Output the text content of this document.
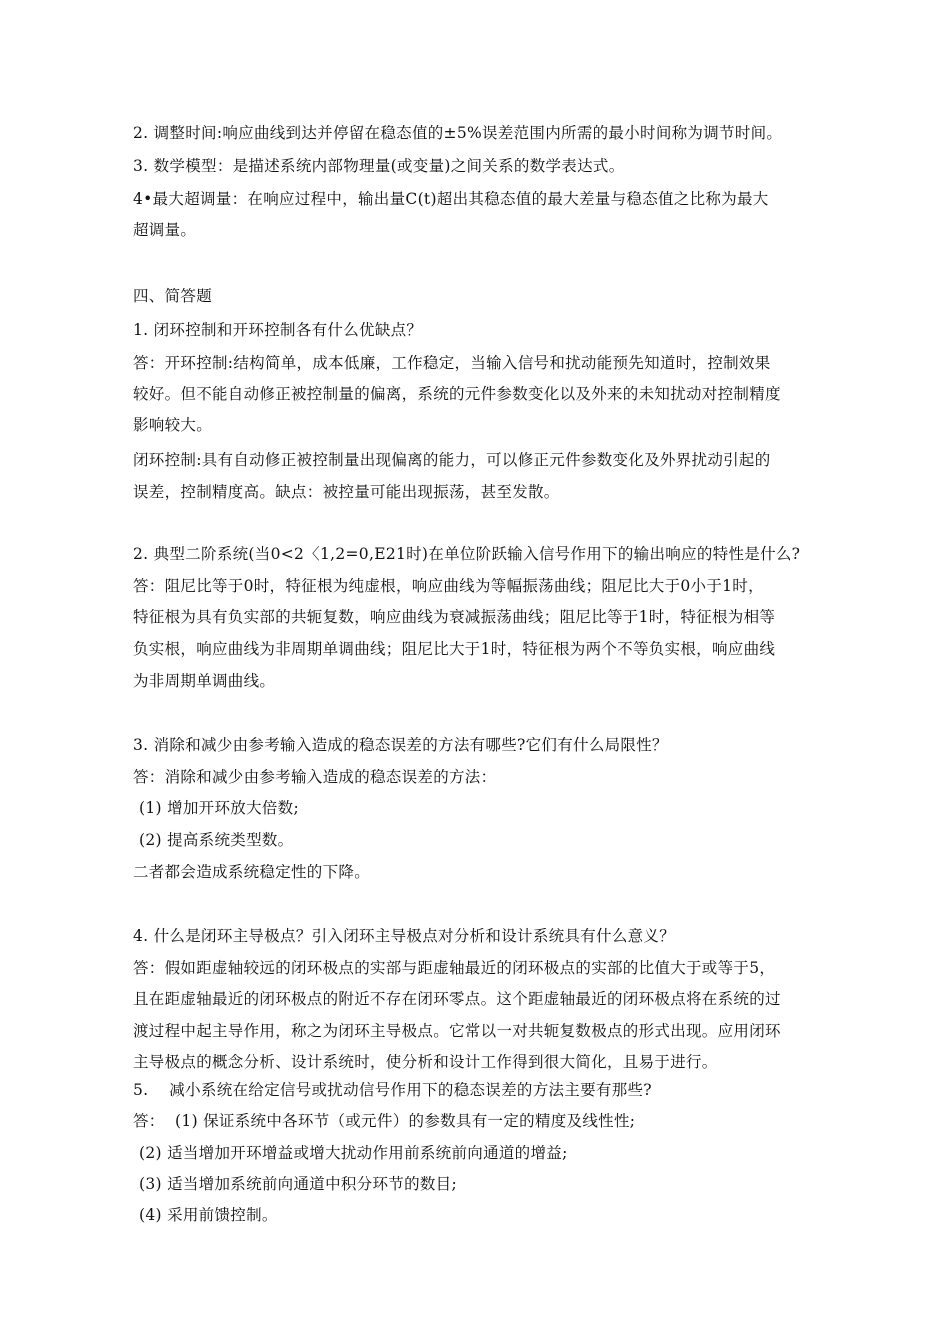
2. 调整时间:响应曲线到达并停留在稳态值的±5%误差范围内所需的最小时间称为调节时间。
3. 数学模型：是描述系统内部物理量(或变量)之间关系的数学表达式。
4•最大超调量：在响应过程中，输出量C(t)超出其稳态值的最大差量与稳态值之比称为最大
超调量。
四、简答题
1. 闭环控制和开环控制各有什么优缺点？
答：开环控制:结构简单，成本低廉，工作稳定，当输入信号和扰动能预先知道时，控制效果
较好。但不能自动修正被控制量的偏离，系统的元件参数变化以及外来的未知扰动对控制精度
影响较大。
闭环控制:具有自动修正被控制量出现偏离的能力，可以修正元件参数变化及外界扰动引起的
误差，控制精度高。缺点：被控量可能出现振荡，甚至发散。
2. 典型二阶系统(当0<2〈1,2=0,E21时)在单位阶跃输入信号作用下的输出响应的特性是什么?
答：阻尼比等于0时，特征根为纯虚根，响应曲线为等幅振荡曲线；阻尼比大于0小于1时，
特征根为具有负实部的共轭复数，响应曲线为衰减振荡曲线；阻尼比等于1时，特征根为相等
负实根，响应曲线为非周期单调曲线；阻尼比大于1时，特征根为两个不等负实根，响应曲线
为非周期单调曲线。
3. 消除和减少由参考输入造成的稳态误差的方法有哪些?它们有什么局限性？
答：消除和减少由参考输入造成的稳态误差的方法：
(1) 增加开环放大倍数;
(2) 提高系统类型数。
二者都会造成系统稳定性的下降。
4. 什么是闭环主导极点？引入闭环主导极点对分析和设计系统具有什么意义？
答：假如距虚轴较远的闭环极点的实部与距虚轴最近的闭环极点的实部的比值大于或等于5，
且在距虚轴最近的闭环极点的附近不存在闭环零点。这个距虚轴最近的闭环极点将在系统的过
渡过程中起主导作用，称之为闭环主导极点。它常以一对共轭复数极点的形式出现。应用闭环
主导极点的概念分析、设计系统时，使分析和设计工作得到很大简化，且易于进行。
5.    减小系统在给定信号或扰动信号作用下的稳态误差的方法主要有那些?
答：  (1) 保证系统中各环节（或元件）的参数具有一定的精度及线性性;
(2) 适当增加开环增益或增大扰动作用前系统前向通道的增益;
(3) 适当增加系统前向通道中积分环节的数目;
(4) 采用前馈控制。
